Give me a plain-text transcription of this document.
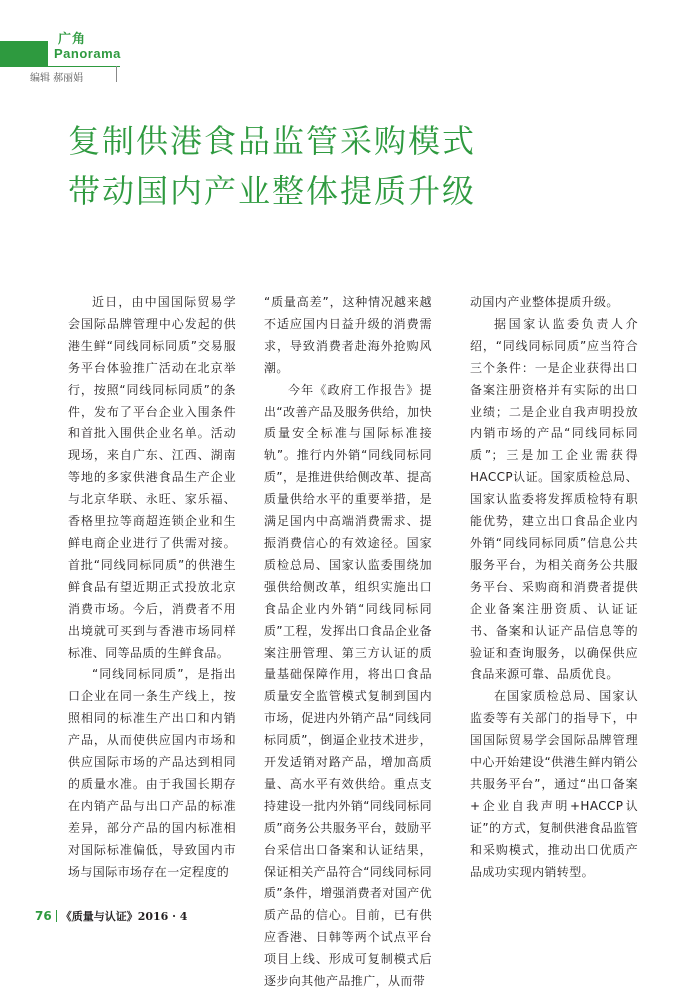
广角
Panorama
编辑 郝丽娟
复制供港食品监管采购模式
带动国内产业整体提质升级

近日，由中国国际贸易学会国际品牌管理中心发起的供港生鲜“同线同标同质”交易服务平台体验推广活动在北京举行，按照“同线同标同质”的条件，发布了平台企业入围条件和首批入围供企业名单。活动现场，来自广东、江西、湖南等地的多家供港食品生产企业与北京华联、永旺、家乐福、香格里拉等商超连锁企业和生鲜电商企业进行了供需对接。首批“同线同标同质”的供港生鲜食品有望近期正式投放北京消费市场。今后，消费者不用出境就可买到与香港市场同样标准、同等品质的生鲜食品。

“同线同标同质”，是指出口企业在同一条生产线上，按照相同的标准生产出口和内销产品，从而使供应国内市场和供应国际市场的产品达到相同的质量水准。由于我国长期存在内销产品与出口产品的标准差异，部分产品的国内标准相对国际标准偏低，导致国内市场与国际市场存在一定程度的

“质量高差”，这种情况越来越不适应国内日益升级的消费需求，导致消费者赴海外抢购风潮。

今年《政府工作报告》提出“改善产品及服务供给，加快质量安全标准与国际标准接轨”。推行内外销“同线同标同质”，是推进供给侧改革、提高质量供给水平的重要举措，是满足国内中高端消费需求、提振消费信心的有效途径。国家质检总局、国家认监委围绕加强供给侧改革，组织实施出口食品企业内外销“同线同标同质”工程，发挥出口食品企业备案注册管理、第三方认证的质量基础保障作用，将出口食品质量安全监管模式复制到国内市场，促进内外销产品“同线同标同质”，倒逼企业技术进步，开发适销对路产品，增加高质量、高水平有效供给。重点支持建设一批内外销“同线同标同质”商务公共服务平台，鼓励平台采信出口备案和认证结果，保证相关产品符合“同线同标同质”条件，增强消费者对国产优质产品的信心。目前，已有供应香港、日韩等两个试点平台项目上线、形成可复制模式后逐步向其他产品推广，从而带

动国内产业整体提质升级。

据国家认监委负责人介绍，“同线同标同质”应当符合三个条件：一是企业获得出口备案注册资格并有实际的出口业绩；二是企业自我声明投放内销市场的产品“同线同标同质”；三是加工企业需获得HACCP认证。国家质检总局、国家认监委将发挥质检特有职能优势，建立出口食品企业内外销“同线同标同质”信息公共服务平台，为相关商务公共服务平台、采购商和消费者提供企业备案注册资质、认证证书、备案和认证产品信息等的验证和查询服务，以确保供应食品来源可靠、品质优良。

在国家质检总局、国家认监委等有关部门的指导下，中国国际贸易学会国际品牌管理中心开始建设“供港生鲜内销公共服务平台”，通过“出口备案+企业自我声明+HACCP认证”的方式，复制供港食品监管和采购模式，推动出口优质产品成功实现内销转型。

76 《质量与认证》2016 · 4
